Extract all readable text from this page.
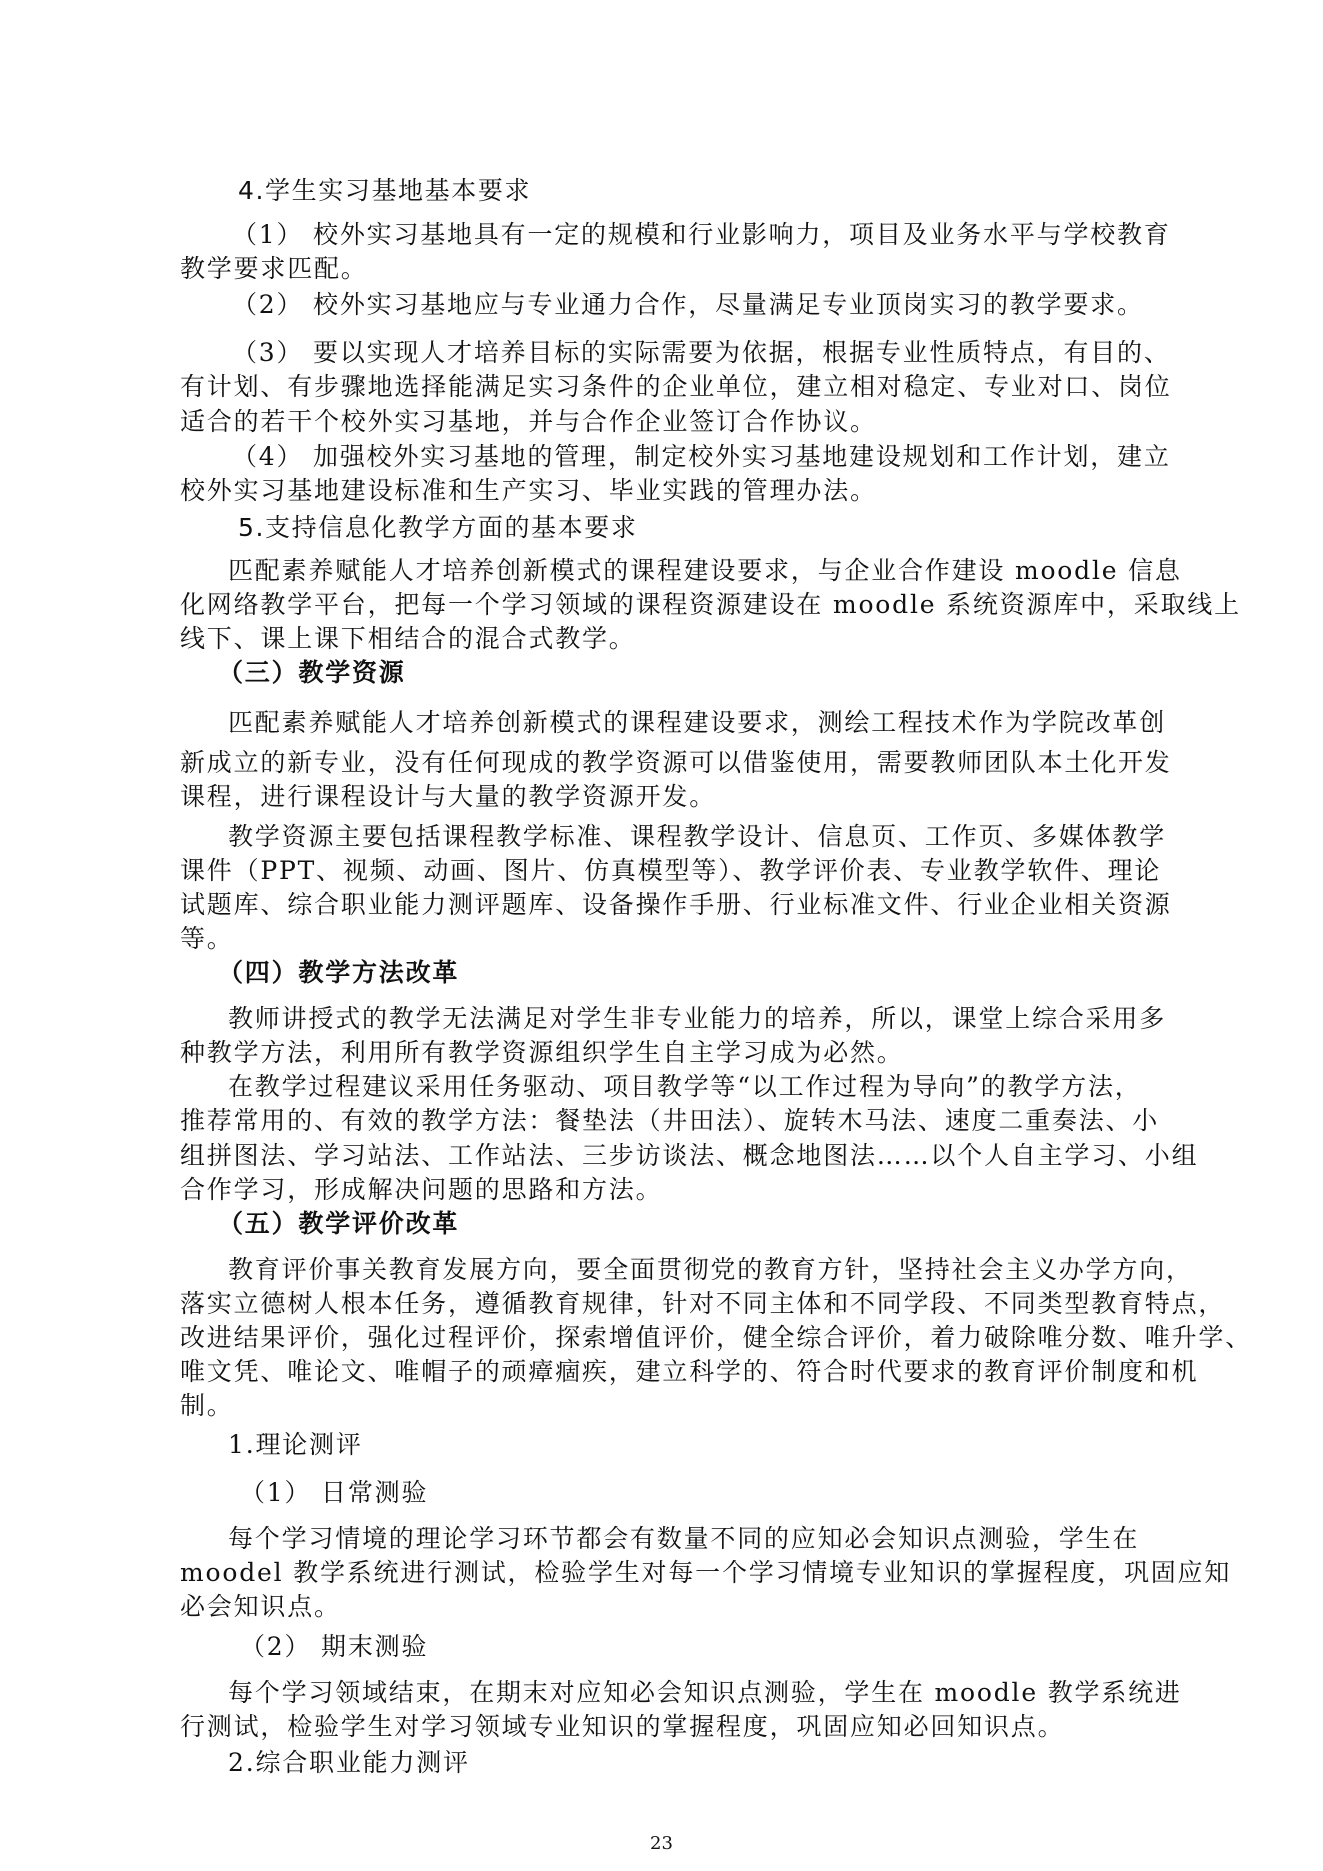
4.学生实习基地基本要求

（1） 校外实习基地具有一定的规模和行业影响力，项目及业务水平与学校教育

教学要求匹配。

（2） 校外实习基地应与专业通力合作，尽量满足专业顶岗实习的教学要求。

（3） 要以实现人才培养目标的实际需要为依据，根据专业性质特点，有目的、

有计划、有步骤地选择能满足实习条件的企业单位，建立相对稳定、专业对口、岗位

适合的若干个校外实习基地，并与合作企业签订合作协议。

（4） 加强校外实习基地的管理，制定校外实习基地建设规划和工作计划，建立

校外实习基地建设标准和生产实习、毕业实践的管理办法。

5.支持信息化教学方面的基本要求

匹配素养赋能人才培养创新模式的课程建设要求，与企业合作建设 moodle 信息

化网络教学平台，把每一个学习领域的课程资源建设在 moodle 系统资源库中，采取线上

线下、课上课下相结合的混合式教学。

（三）教学资源

匹配素养赋能人才培养创新模式的课程建设要求，测绘工程技术作为学院改革创

新成立的新专业，没有任何现成的教学资源可以借鉴使用，需要教师团队本土化开发

课程，进行课程设计与大量的教学资源开发。

教学资源主要包括课程教学标准、课程教学设计、信息页、工作页、多媒体教学

课件（PPT、视频、动画、图片、仿真模型等）、教学评价表、专业教学软件、理论

试题库、综合职业能力测评题库、设备操作手册、行业标准文件、行业企业相关资源

等。

（四）教学方法改革

教师讲授式的教学无法满足对学生非专业能力的培养，所以，课堂上综合采用多

种教学方法，利用所有教学资源组织学生自主学习成为必然。

在教学过程建议采用任务驱动、项目教学等“以工作过程为导向”的教学方法，

推荐常用的、有效的教学方法：餐垫法（井田法）、旋转木马法、速度二重奏法、小

组拼图法、学习站法、工作站法、三步访谈法、概念地图法……以个人自主学习、小组

合作学习，形成解决问题的思路和方法。

（五）教学评价改革

教育评价事关教育发展方向，要全面贯彻党的教育方针，坚持社会主义办学方向，

落实立德树人根本任务，遵循教育规律，针对不同主体和不同学段、不同类型教育特点，

改进结果评价，强化过程评价，探索增值评价，健全综合评价，着力破除唯分数、唯升学、

唯文凭、唯论文、唯帽子的顽瘴痼疾，建立科学的、符合时代要求的教育评价制度和机

制。

1.理论测评

（1） 日常测验

每个学习情境的理论学习环节都会有数量不同的应知必会知识点测验，学生在

moodel 教学系统进行测试，检验学生对每一个学习情境专业知识的掌握程度，巩固应知

必会知识点。

（2） 期末测验

每个学习领域结束，在期末对应知必会知识点测验，学生在 moodle 教学系统进

行测试，检验学生对学习领域专业知识的掌握程度，巩固应知必回知识点。

2.综合职业能力测评

23
